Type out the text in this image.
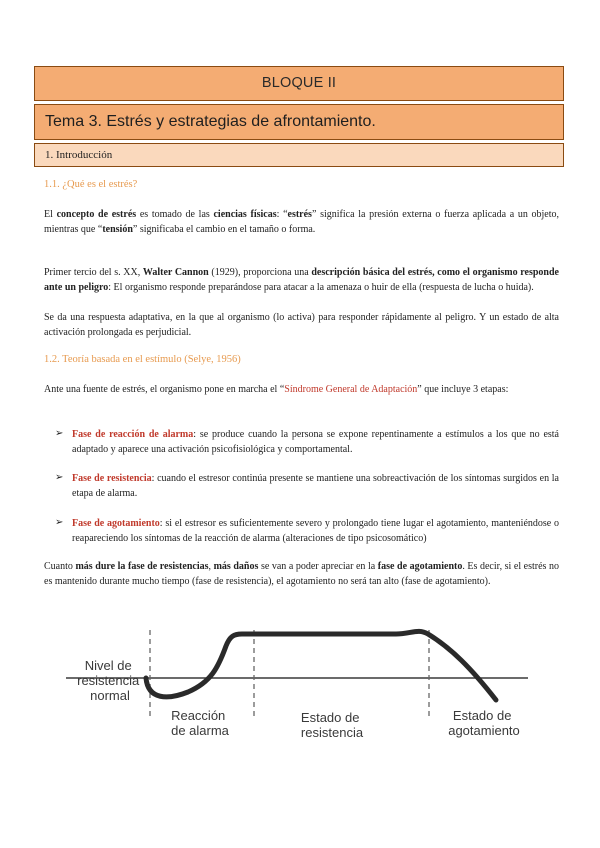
BLOQUE II
Tema 3. Estrés y estrategias de afrontamiento.
1. Introducción
1.1. ¿Qué es el estrés?

El concepto de estrés es tomado de las ciencias físicas: “estrés” significa la presión externa o fuerza aplicada a un objeto, mientras que “tensión” significaba el cambio en el tamaño o forma.

Primer tercio del s. XX, Walter Cannon (1929), proporciona una descripción básica del estrés, como el organismo responde ante un peligro: El organismo responde preparándose para atacar a la amenaza o huir de ella (respuesta de lucha o huida).

Se da una respuesta adaptativa, en la que al organismo (lo activa) para responder rápidamente al peligro. Y un estado de alta activación prolongada es perjudicial.

1.2. Teoría basada en el estímulo (Selye, 1956)

Ante una fuente de estrés, el organismo pone en marcha el “Síndrome General de Adaptación” que incluye 3 etapas:

➢ Fase de reacción de alarma: se produce cuando la persona se expone repentinamente a estímulos a los que no está adaptado y aparece una activación psicofisiológica y comportamental.

➢ Fase de resistencia: cuando el estresor continúa presente se mantiene una sobreactivación de los síntomas surgidos en la etapa de alarma.

➢ Fase de agotamiento: si el estresor es suficientemente severo y prolongado tiene lugar el agotamiento, manteniéndose o reapareciendo los síntomas de la reacción de alarma (alteraciones de tipo psicosomático)

Cuanto más dure la fase de resistencias, más daños se van a poder apreciar en la fase de agotamiento. Es decir, si el estrés no es mantenido durante mucho tiempo (fase de resistencia), el agotamiento no será tan alto (fase de agotamiento).

Nivel de resistencia normal
Reacción de alarma
Estado de resistencia
Estado de agotamiento
